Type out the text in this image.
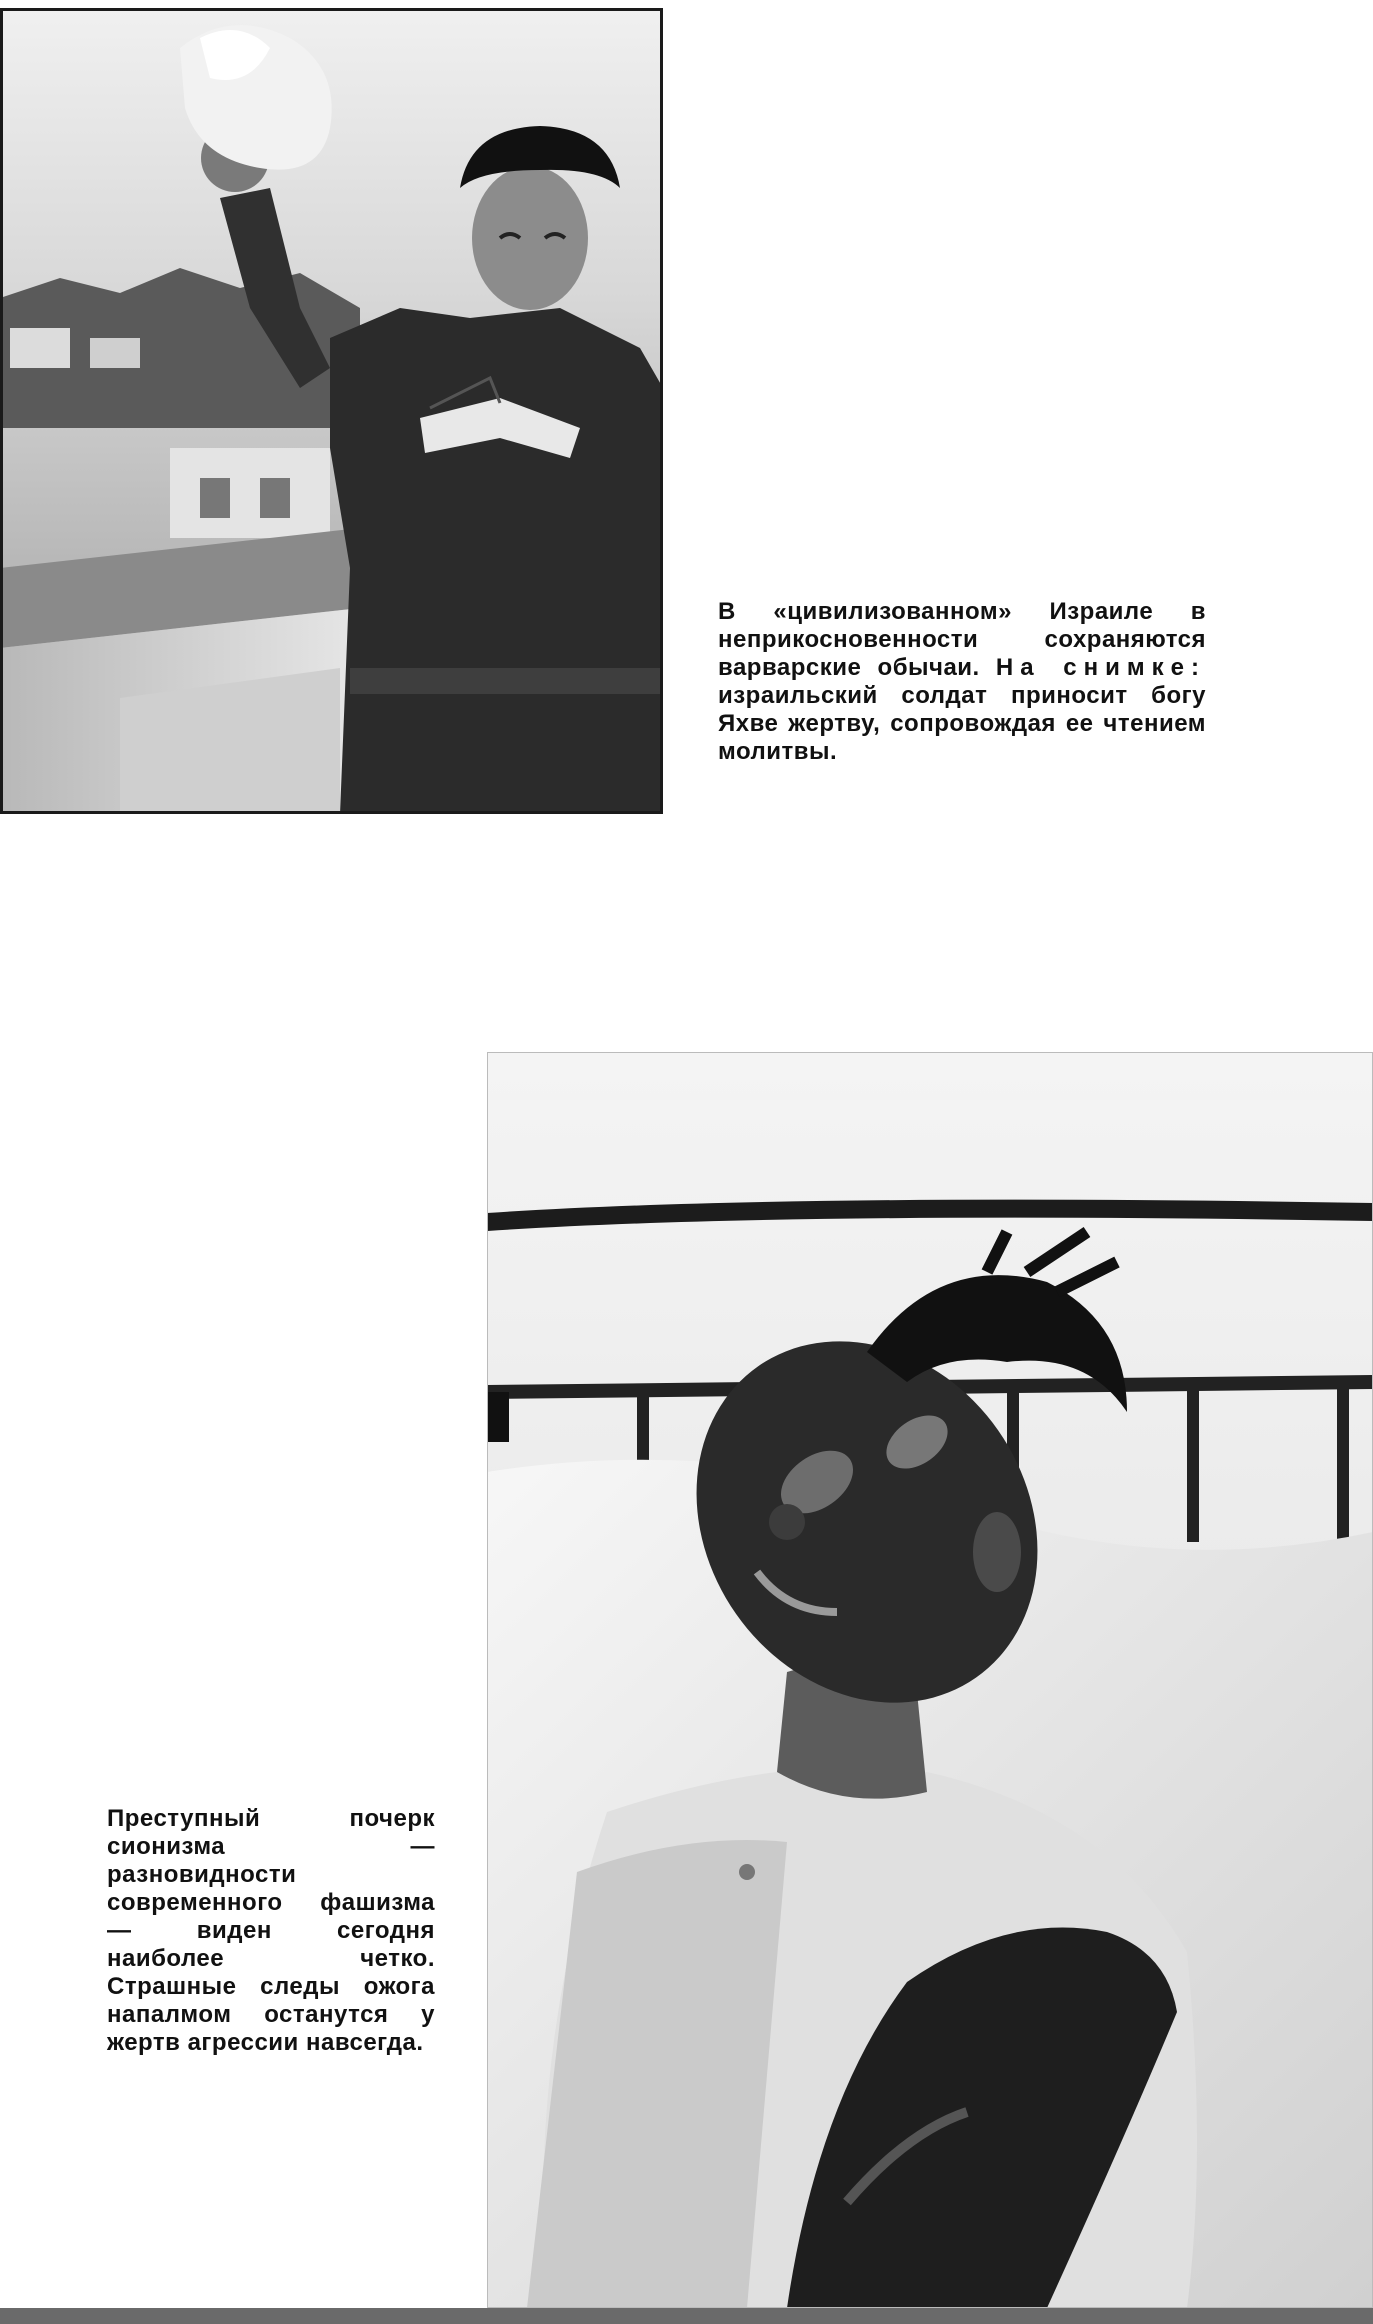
В «цивилизованном» Израиле в неприкосновенности сохраняются варварские обычаи. На снимке: израильский солдат приносит богу Яхве жертву, сопровождая ее чтением молитвы.

Преступный почерк сионизма — разновидности современного фашизма — виден сегодня наиболее четко. Страшные следы ожога напалмом останутся у жертв агрессии навсегда.
